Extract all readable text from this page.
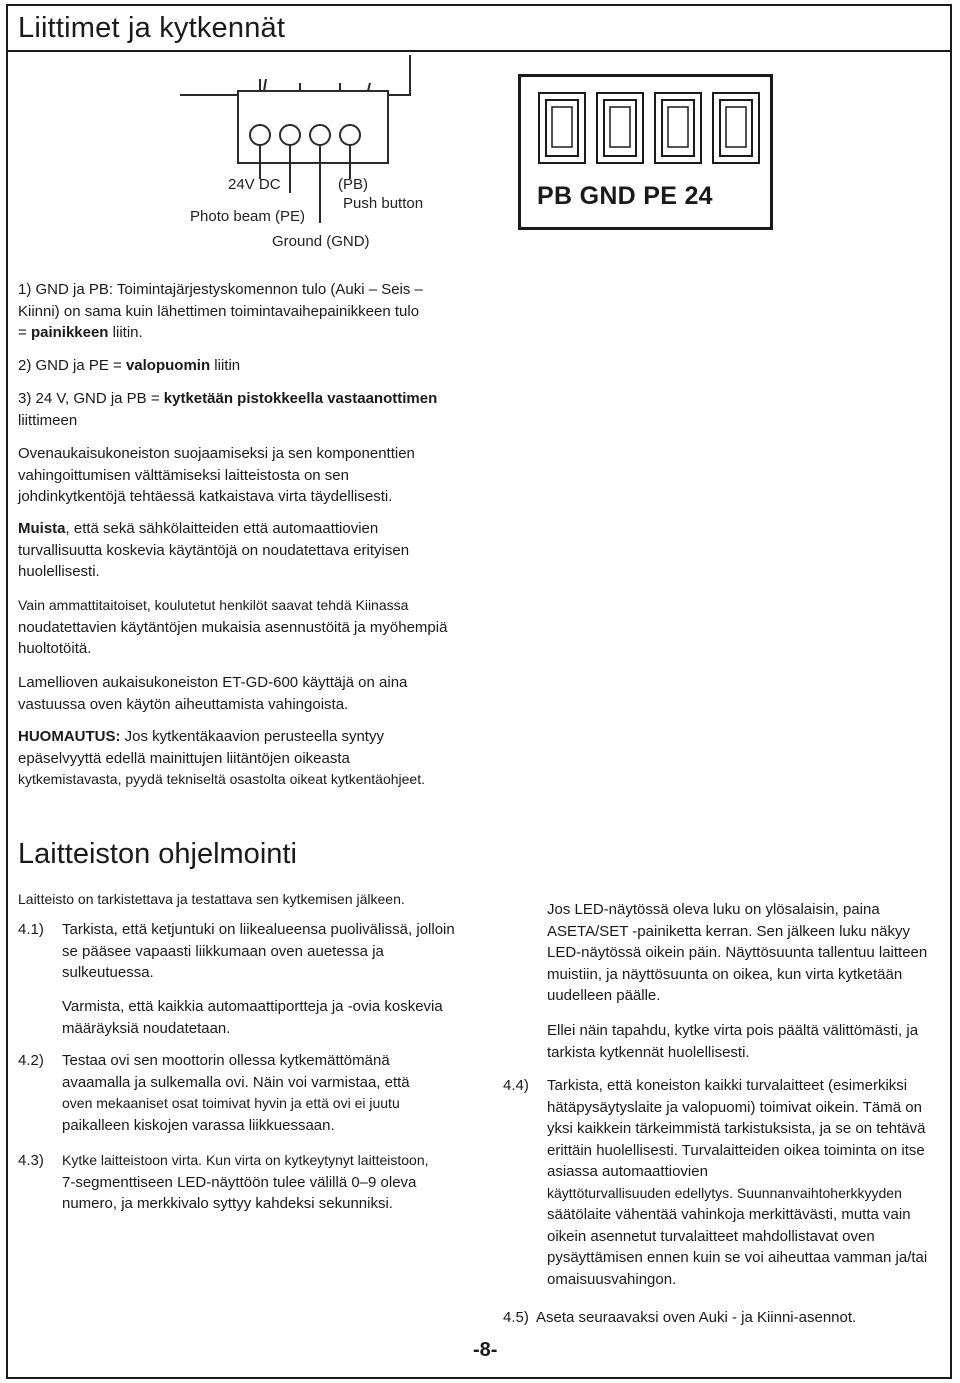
Liittimet ja kytkennät
24V DC	(PB)
Push button
Photo beam (PE)
Ground (GND)
PB GND PE 24

1) GND ja PB: Toimintajärjestyskomennon tulo (Auki – Seis – Kiinni) on sama kuin lähettimen toimintavaihepainikkeen tulo
= painikkeen liitin.

2) GND ja PE = valopuomin liitin

3) 24 V, GND ja PB = kytketään pistokkeella vastaanottimen liittimeen

Ovenaukaisukoneiston suojaamiseksi ja sen komponenttien vahingoittumisen välttämiseksi laitteistosta on sen johdinkytkentöjä tehtäessä katkaistava virta täydellisesti.

Muista, että sekä sähkölaitteiden että automaattiovien turvallisuutta koskevia käytäntöjä on noudatettava erityisen huolellisesti.

Vain ammattitaitoiset, koulutetut henkilöt saavat tehdä Kiinassa
noudatettavien käytäntöjen mukaisia asennustöitä ja myöhempiä huoltotöitä.

Lamellioven aukaisukoneiston ET-GD-600 käyttäjä on aina vastuussa oven käytön aiheuttamista vahingoista.

HUOMAUTUS: Jos kytkentäkaavion perusteella syntyy epäselvyyttä edellä mainittujen liitäntöjen oikeasta
kytkemistavasta, pyydä tekniseltä osastolta oikeat kytkentäohjeet.

Laitteiston ohjelmointi

Laitteisto on tarkistettava ja testattava sen kytkemisen jälkeen.

4.1) Tarkista, että ketjuntuki on liikealueensa puolivälissä, jolloin se pääsee vapaasti liikkumaan oven auetessa ja sulkeutuessa.

Varmista, että kaikkia automaattiportteja ja -ovia koskevia määräyksiä noudatetaan.

4.2) Testaa ovi sen moottorin ollessa kytkemättömänä avaamalla ja sulkemalla ovi. Näin voi varmistaa, että
oven mekaaniset osat toimivat hyvin ja että ovi ei juutu
paikalleen kiskojen varassa liikkuessaan.

4.3) Kytke laitteistoon virta. Kun virta on kytkeytynyt laitteistoon,
7-segmenttiseen LED-näyttöön tulee välillä 0–9 oleva numero, ja merkkivalo syttyy kahdeksi sekunniksi.

Jos LED-näytössä oleva luku on ylösalaisin, paina ASETA/SET -painiketta kerran. Sen jälkeen luku näkyy LED-näytössä oikein päin. Näyttösuunta tallentuu laitteen muistiin, ja näyttösuunta on oikea, kun virta kytketään uudelleen päälle.

Ellei näin tapahdu, kytke virta pois päältä välittömästi, ja tarkista kytkennät huolellisesti.

4.4) Tarkista, että koneiston kaikki turvalaitteet (esimerkiksi hätäpysäytyslaite ja valopuomi) toimivat oikein. Tämä on yksi kaikkein tärkeimmistä tarkistuksista, ja se on tehtävä erittäin huolellisesti. Turvalaitteiden oikea toiminta on itse asiassa automaattiovien
käyttöturvallisuuden edellytys. Suunnanvaihtoherkkyyden
säätölaite vähentää vahinkoja merkittävästi, mutta vain oikein asennetut turvalaitteet mahdollistavat oven pysäyttämisen ennen kuin se voi aiheuttaa vamman ja/tai omaisuusvahingon.

4.5) Aseta seuraavaksi oven Auki - ja Kiinni-asennot.

-8-
